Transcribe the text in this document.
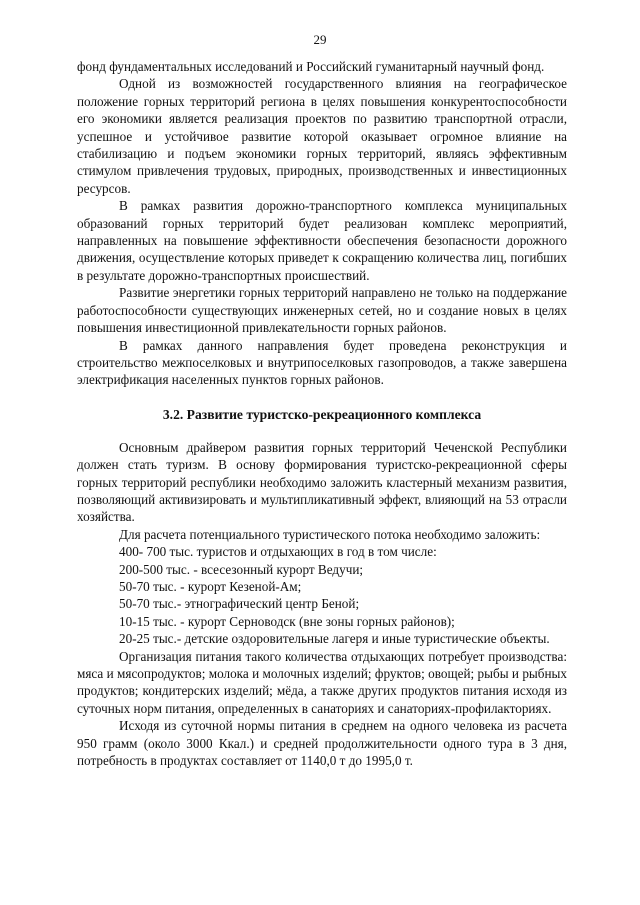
29

фонд фундаментальных исследований и Российский гуманитарный научный фонд.

Одной из возможностей государственного влияния на географическое положение горных территорий региона в целях повышения конкурентоспособности его экономики является реализация проектов по развитию транспортной отрасли, успешное и устойчивое развитие которой оказывает огромное влияние на стабилизацию и подъем экономики горных территорий, являясь эффективным стимулом привлечения трудовых, природных, производственных и инвестиционных ресурсов.

В рамках развития дорожно-транспортного комплекса муниципальных образований горных территорий будет реализован комплекс мероприятий, направленных на повышение эффективности обеспечения безопасности дорожного движения, осуществление которых приведет к сокращению количества лиц, погибших в результате дорожно-транспортных происшествий.

Развитие энергетики горных территорий направлено не только на поддержание работоспособности существующих инженерных сетей, но и создание новых в целях повышения инвестиционной привлекательности горных районов.

В рамках данного направления будет проведена реконструкция и строительство межпоселковых и внутрипоселковых газопроводов, а также завершена электрификация населенных пунктов горных районов.

3.2. Развитие туристско-рекреационного комплекса

Основным драйвером развития горных территорий Чеченской Республики должен стать туризм. В основу формирования туристско-рекреационной сферы горных территорий республики необходимо заложить кластерный механизм развития, позволяющий активизировать и мультипликативный эффект, влияющий на 53 отрасли хозяйства.

Для расчета потенциального туристического потока необходимо заложить:

400- 700 тыс. туристов и отдыхающих в год в том числе:

200-500 тыс. - всесезонный курорт Ведучи;

50-70 тыс. - курорт Кезеной-Ам;

50-70 тыс.- этнографический центр Беной;

10-15 тыс. - курорт Серноводск (вне зоны горных районов);

20-25 тыс.- детские оздоровительные лагеря и иные туристические объекты.

Организация питания такого количества отдыхающих потребует производства: мяса и мясопродуктов; молока и молочных изделий; фруктов; овощей; рыбы и рыбных продуктов; кондитерских изделий; мёда, а также других продуктов питания исходя из суточных норм питания, определенных в санаториях и санаториях-профилакториях.

Исходя из суточной нормы питания в среднем на одного человека из расчета 950 грамм (около 3000 Ккал.) и средней продолжительности одного тура в 3 дня, потребность в продуктах составляет от 1140,0 т до 1995,0 т.
